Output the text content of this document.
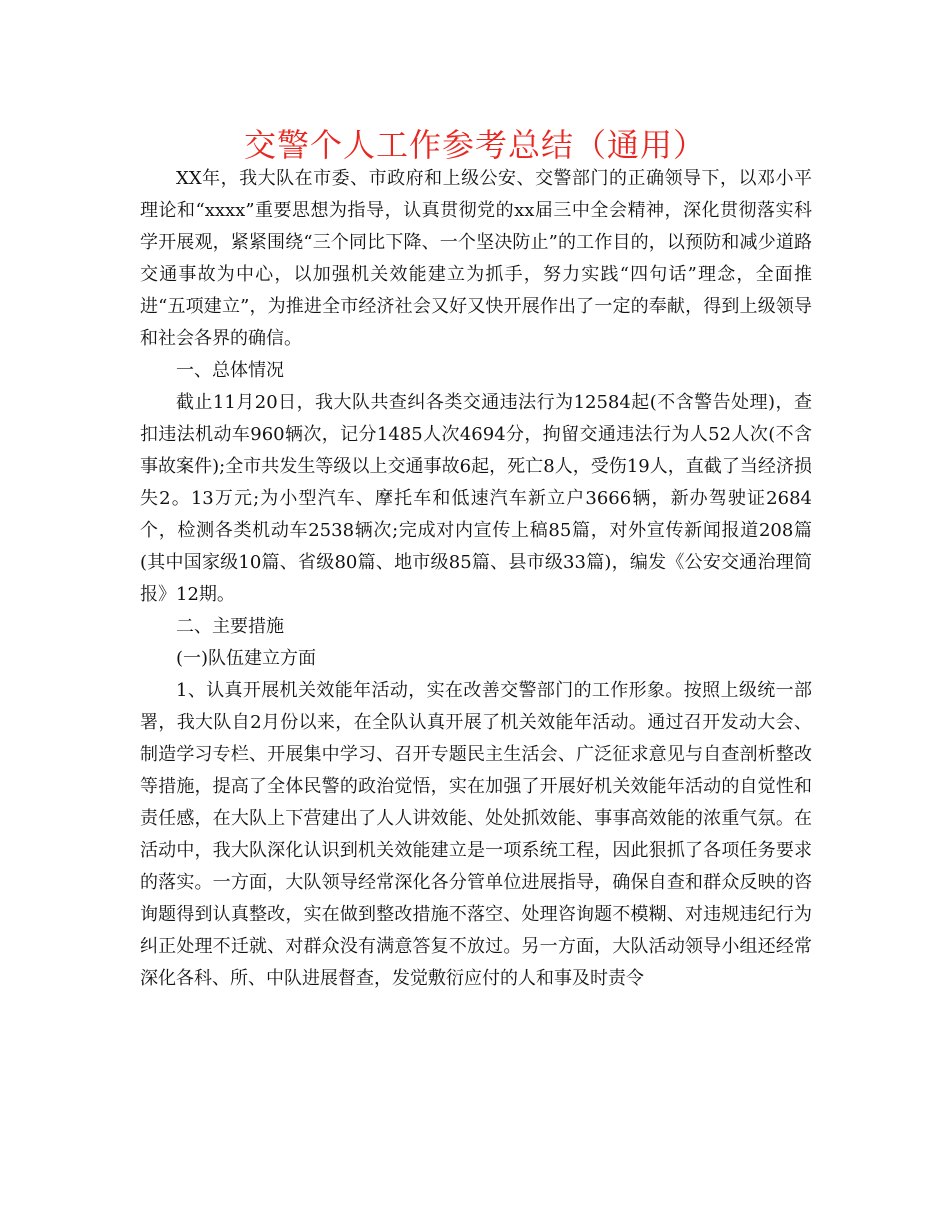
交警个人工作参考总结（通用）

XX年，我大队在市委、市政府和上级公安、交警部门的正确领导下，以邓小平理论和“xxxx”重要思想为指导，认真贯彻党的xx届三中全会精神，深化贯彻落实科学开展观，紧紧围绕“三个同比下降、一个坚决防止”的工作目的，以预防和减少道路交通事故为中心，以加强机关效能建立为抓手，努力实践“四句话”理念，全面推进“五项建立”，为推进全市经济社会又好又快开展作出了一定的奉献，得到上级领导和社会各界的确信。

一、总体情况

截止11月20日，我大队共查纠各类交通违法行为12584起(不含警告处理)，查扣违法机动车960辆次，记分1485人次4694分，拘留交通违法行为人52人次(不含事故案件);全市共发生等级以上交通事故6起，死亡8人，受伤19人，直截了当经济损失2。13万元;为小型汽车、摩托车和低速汽车新立户3666辆，新办驾驶证2684个，检测各类机动车2538辆次;完成对内宣传上稿85篇，对外宣传新闻报道208篇(其中国家级10篇、省级80篇、地市级85篇、县市级33篇)，编发《公安交通治理简报》12期。

二、主要措施

(一)队伍建立方面

1、认真开展机关效能年活动，实在改善交警部门的工作形象。按照上级统一部署，我大队自2月份以来，在全队认真开展了机关效能年活动。通过召开发动大会、制造学习专栏、开展集中学习、召开专题民主生活会、广泛征求意见与自查剖析整改等措施，提高了全体民警的政治觉悟，实在加强了开展好机关效能年活动的自觉性和责任感，在大队上下营建出了人人讲效能、处处抓效能、事事高效能的浓重气氛。在活动中，我大队深化认识到机关效能建立是一项系统工程，因此狠抓了各项任务要求的落实。一方面，大队领导经常深化各分管单位进展指导，确保自查和群众反映的咨询题得到认真整改，实在做到整改措施不落空、处理咨询题不模糊、对违规违纪行为纠正处理不迁就、对群众没有满意答复不放过。另一方面，大队活动领导小组还经常深化各科、所、中队进展督查，发觉敷衍应付的人和事及时责令
